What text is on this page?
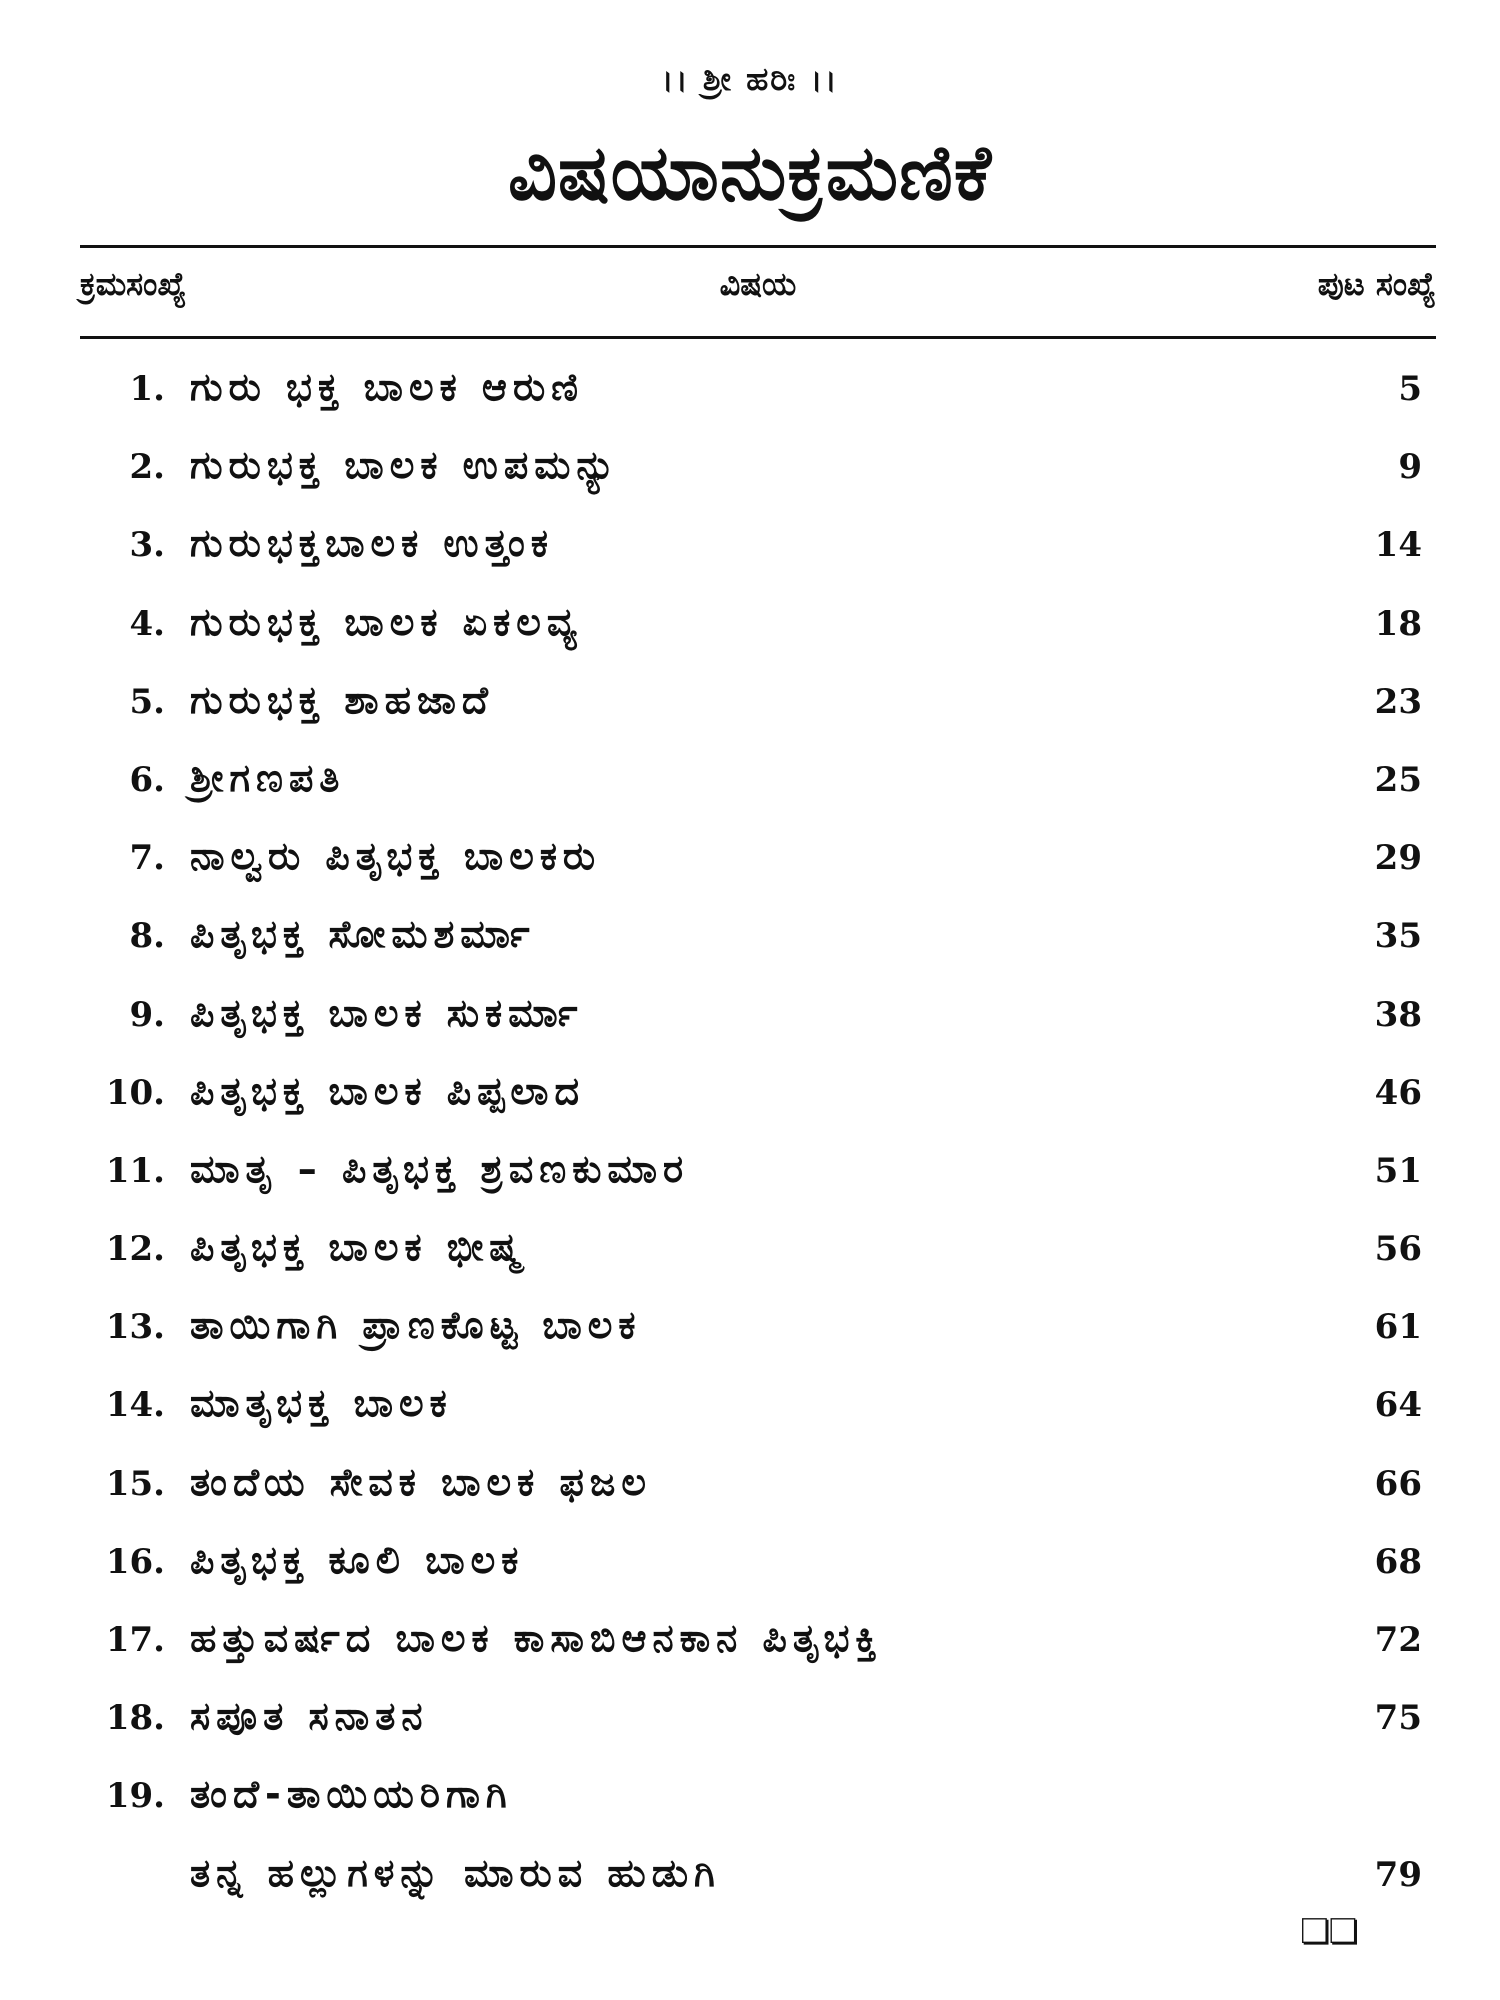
।। ಶ್ರೀ ಹರಿಃ ।।
ವಿಷಯಾನುಕ್ರಮಣಿಕೆ
ಕ್ರಮಸಂಖ್ಯೆ	ವಿಷಯ	ಪುಟ ಸಂಖ್ಯೆ
1. ಗುರು ಭಕ್ತ ಬಾಲಕ ಆರುಣಿ	5
2. ಗುರುಭಕ್ತ ಬಾಲಕ ಉಪಮನ್ಯು	9
3. ಗುರುಭಕ್ತಬಾಲಕ ಉತ್ತಂಕ	14
4. ಗುರುಭಕ್ತ ಬಾಲಕ ಏಕಲವ್ಯ	18
5. ಗುರುಭಕ್ತ ಶಾಹಜಾದೆ	23
6. ಶ್ರೀಗಣಪತಿ	25
7. ನಾಲ್ವರು ಪಿತೃಭಕ್ತ ಬಾಲಕರು	29
8. ಪಿತೃಭಕ್ತ ಸೋಮಶರ್ಮಾ	35
9. ಪಿತೃಭಕ್ತ ಬಾಲಕ ಸುಕರ್ಮಾ	38
10. ಪಿತೃಭಕ್ತ ಬಾಲಕ ಪಿಪ್ಪಲಾದ	46
11. ಮಾತೃ – ಪಿತೃಭಕ್ತ ಶ್ರವಣಕುಮಾರ	51
12. ಪಿತೃಭಕ್ತ ಬಾಲಕ ಭೀಷ್ಮ	56
13. ತಾಯಿಗಾಗಿ ಪ್ರಾಣಕೊಟ್ಟ ಬಾಲಕ	61
14. ಮಾತೃಭಕ್ತ ಬಾಲಕ	64
15. ತಂದೆಯ ಸೇವಕ ಬಾಲಕ ಫಜಲ	66
16. ಪಿತೃಭಕ್ತ ಕೂಲಿ ಬಾಲಕ	68
17. ಹತ್ತುವರ್ಷದ ಬಾಲಕ ಕಾಸಾಬಿಆನಕಾನ ಪಿತೃಭಕ್ತಿ	72
18. ಸಪೂತ ಸನಾತನ	75
19. ತಂದೆ-ತಾಯಿಯರಿಗಾಗಿ
ತನ್ನ ಹಲ್ಲುಗಳನ್ನು ಮಾರುವ ಹುಡುಗಿ	79
❏❏
